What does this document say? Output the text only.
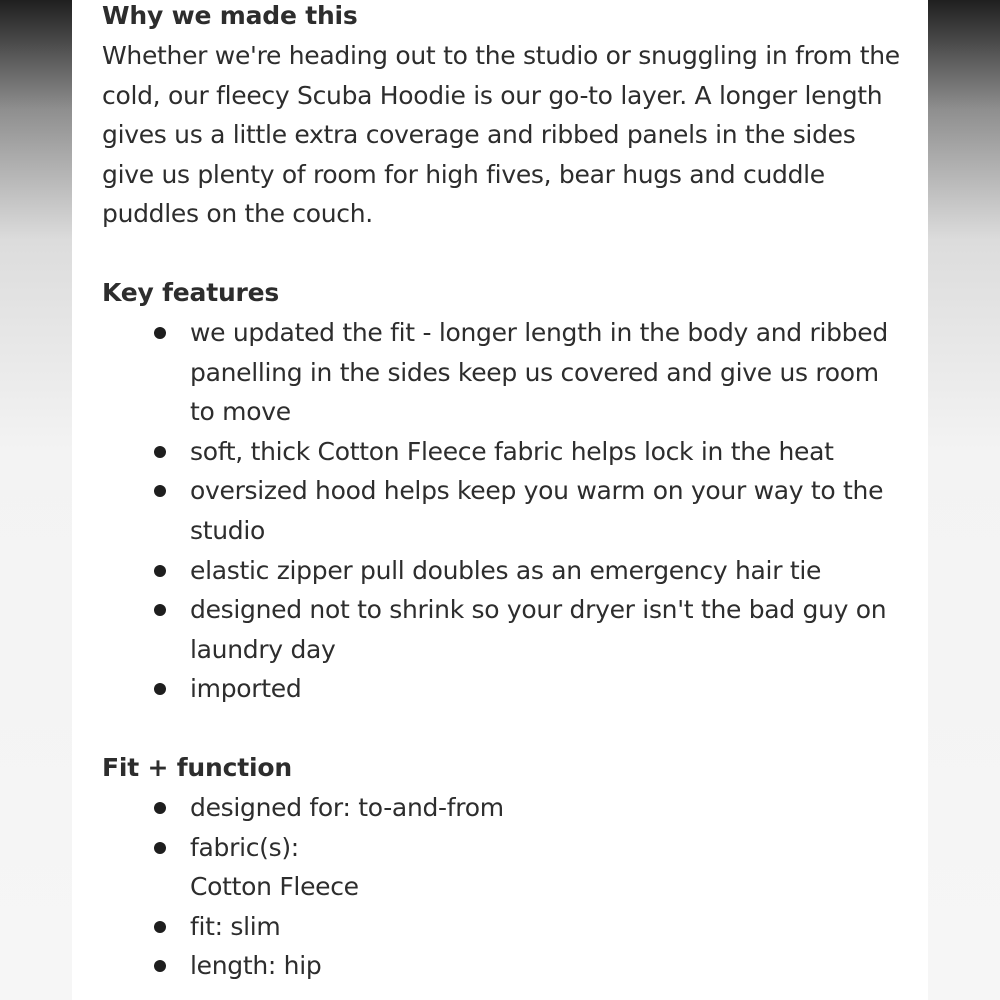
Why we made this

Whether we're heading out to the studio or snuggling in from the cold, our fleecy Scuba Hoodie is our go-to layer. A longer length gives us a little extra coverage and ribbed panels in the sides give us plenty of room for high fives, bear hugs and cuddle puddles on the couch.

Key features
we updated the fit - longer length in the body and ribbed panelling in the sides keep us covered and give us room to move
soft, thick Cotton Fleece fabric helps lock in the heat
oversized hood helps keep you warm on your way to the studio
elastic zipper pull doubles as an emergency hair tie
designed not to shrink so your dryer isn't the bad guy on laundry day
imported
Fit + function
designed for: to-and-from
fabric(s):
Cotton Fleece
fit: slim
length: hip
